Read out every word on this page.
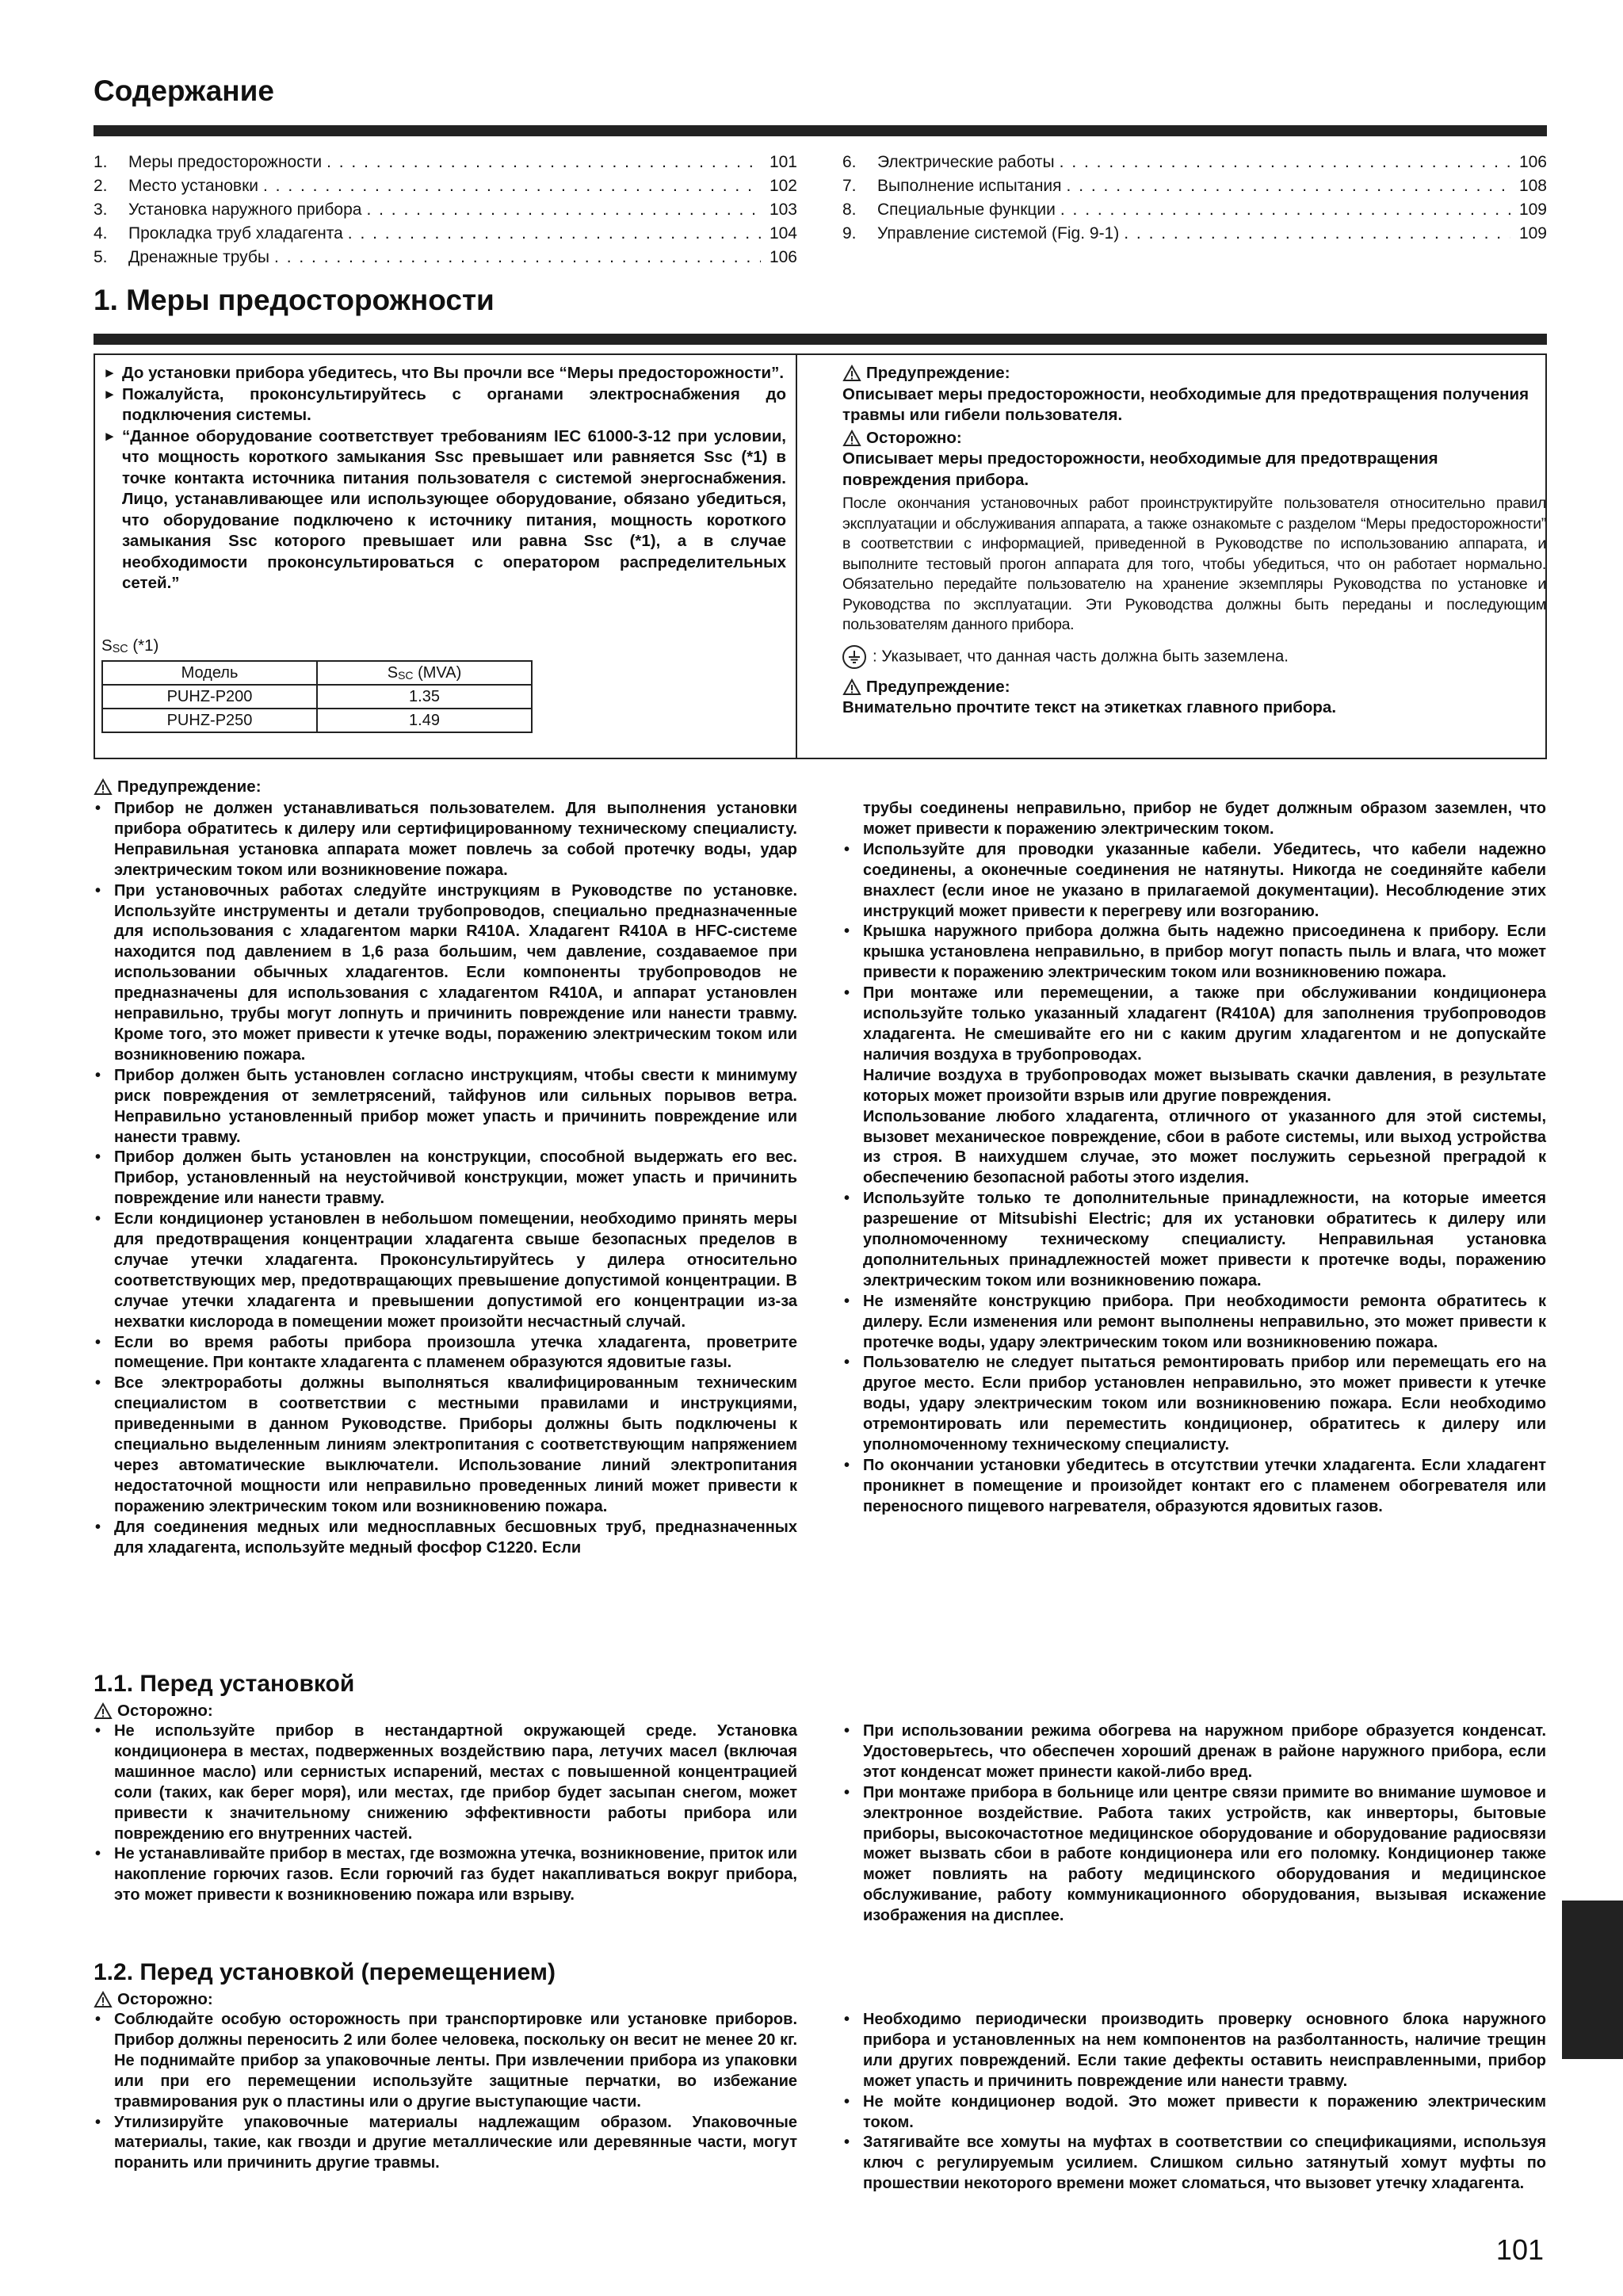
Содержание
1.	Меры предосторожности . . .	101
2.	Место установки . . .	102
3.	Установка наружного прибора . . .	103
4.	Прокладка труб хладагента . . .	104
5.	Дренажные трубы . . .	106
6.	Электрические работы . . .	106
7.	Выполнение испытания . . .	108
8.	Специальные функции . . .	109
9.	Управление системой (Fig. 9-1) . . .	109
1. Меры предосторожности
► До установки прибора убедитесь, что Вы прочли все “Меры предосторожности”.
► Пожалуйста, проконсультируйтесь с органами электроснабжения до подключения системы.
► “Данное оборудование соответствует требованиям IEC 61000-3-12 при условии, что мощность короткого замыкания Ssc превышает или равняется Ssc (*1) в точке контакта источника питания пользователя с системой энергоснабжения. Лицо, устанавливающее или использующее оборудование, обязано убедиться, что оборудование подключено к источнику питания, мощность короткого замыкания Ssc которого превышает или равна Ssc (*1), а в случае необходимости проконсультироваться с оператором распределительных сетей.”
$S_{SC}$ (*1)
Модель	$S_{SC}$ (MVA)
PUHZ-P200	1.35
PUHZ-P250	1.49
Предупреждение:
Описывает меры предосторожности, необходимые для предотвращения получения травмы или гибели пользователя.
Осторожно:
Описывает меры предосторожности, необходимые для предотвращения повреждения прибора.
После окончания установочных работ проинструктируйте пользователя относительно правил эксплуатации и обслуживания аппарата, а также ознакомьте с разделом “Меры предосторожности” в соответствии с информацией, приведенной в Руководстве по использованию аппарата, и выполните тестовый прогон аппарата для того, чтобы убедиться, что он работает нормально. Обязательно передайте пользователю на хранение экземпляры Руководства по установке и Руководства по эксплуатации. Эти Руководства должны быть переданы и последующим пользователям данного прибора.
: Указывает, что данная часть должна быть заземлена.
Предупреждение:
Внимательно прочтите текст на этикетках главного прибора.
Предупреждение:
• Прибор не должен устанавливаться пользователем. Для выполнения установки прибора обратитесь к дилеру или сертифицированному техническому специалисту. Неправильная установка аппарата может повлечь за собой протечку воды, удар электрическим током или возникновение пожара.
• При установочных работах следуйте инструкциям в Руководстве по установке. Используйте инструменты и детали трубопроводов, специально предназначенные для использования с хладагентом марки R410A. Хладагент R410A в HFC-системе находится под давлением в 1,6 раза большим, чем давление, создаваемое при использовании обычных хладагентов. Если компоненты трубопроводов не предназначены для использования с хладагентом R410A, и аппарат установлен неправильно, трубы могут лопнуть и причинить повреждение или нанести травму. Кроме того, это может привести к утечке воды, поражению электрическим током или возникновению пожара.
• Прибор должен быть установлен согласно инструкциям, чтобы свести к минимуму риск повреждения от землетрясений, тайфунов или сильных порывов ветра. Неправильно установленный прибор может упасть и причинить повреждение или нанести травму.
• Прибор должен быть установлен на конструкции, способной выдержать его вес. Прибор, установленный на неустойчивой конструкции, может упасть и причинить повреждение или нанести травму.
• Если кондиционер установлен в небольшом помещении, необходимо принять меры для предотвращения концентрации хладагента свыше безопасных пределов в случае утечки хладагента. Проконсультируйтесь у дилера относительно соответствующих мер, предотвращающих превышение допустимой концентрации. В случае утечки хладагента и превышении допустимой его концентрации из-за нехватки кислорода в помещении может произойти несчастный случай.
• Если во время работы прибора произошла утечка хладагента, проветрите помещение. При контакте хладагента с пламенем образуются ядовитые газы.
• Все электроработы должны выполняться квалифицированным техническим специалистом в соответствии с местными правилами и инструкциями, приведенными в данном Руководстве. Приборы должны быть подключены к специально выделенным линиям электропитания с соответствующим напряжением через автоматические выключатели. Использование линий электропитания недостаточной мощности или неправильно проведенных линий может привести к поражению электрическим током или возникновению пожара.
• Для соединения медных или медносплавных бесшовных труб, предназначенных для хладагента, используйте медный фосфор C1220. Если
трубы соединены неправильно, прибор не будет должным образом заземлен, что может привести к поражению электрическим током.
• Используйте для проводки указанные кабели. Убедитесь, что кабели надежно соединены, а оконечные соединения не натянуты. Никогда не соединяйте кабели внахлест (если иное не указано в прилагаемой документации). Несоблюдение этих инструкций может привести к перегреву или возгоранию.
• Крышка наружного прибора должна быть надежно присоединена к прибору. Если крышка установлена неправильно, в прибор могут попасть пыль и влага, что может привести к поражению электрическим током или возникновению пожара.
• При монтаже или перемещении, а также при обслуживании кондиционера используйте только указанный хладагент (R410A) для заполнения трубопроводов хладагента. Не смешивайте его ни с каким другим хладагентом и не допускайте наличия воздуха в трубопроводах.
Наличие воздуха в трубопроводах может вызывать скачки давления, в результате которых может произойти взрыв или другие повреждения.
Использование любого хладагента, отличного от указанного для этой системы, вызовет механическое повреждение, сбои в работе системы, или выход устройства из строя. В наихудшем случае, это может послужить серьезной преградой к обеспечению безопасной работы этого изделия.
• Используйте только те дополнительные принадлежности, на которые имеется разрешение от Mitsubishi Electric; для их установки обратитесь к дилеру или уполномоченному техническому специалисту. Неправильная установка дополнительных принадлежностей может привести к протечке воды, поражению электрическим током или возникновению пожара.
• Не изменяйте конструкцию прибора. При необходимости ремонта обратитесь к дилеру. Если изменения или ремонт выполнены неправильно, это может привести к протечке воды, удару электрическим током или возникновению пожара.
• Пользователю не следует пытаться ремонтировать прибор или перемещать его на другое место. Если прибор установлен неправильно, это может привести к утечке воды, удару электрическим током или возникновению пожара. Если необходимо отремонтировать или переместить кондиционер, обратитесь к дилеру или уполномоченному техническому специалисту.
• По окончании установки убедитесь в отсутствии утечки хладагента. Если хладагент проникнет в помещение и произойдет контакт его с пламенем обогревателя или переносного пищевого нагревателя, образуются ядовитых газов.
1.1. Перед установкой
Осторожно:
• Не используйте прибор в нестандартной окружающей среде. Установка кондиционера в местах, подверженных воздействию пара, летучих масел (включая машинное масло) или сернистых испарений, местах с повышенной концентрацией соли (таких, как берег моря), или местах, где прибор будет засыпан снегом, может привести к значительному снижению эффективности работы прибора или повреждению его внутренних частей.
• Не устанавливайте прибор в местах, где возможна утечка, возникновение, приток или накопление горючих газов. Если горючий газ будет накапливаться вокруг прибора, это может привести к возникновению пожара или взрыву.
• При использовании режима обогрева на наружном приборе образуется конденсат. Удостоверьтесь, что обеспечен хороший дренаж в районе наружного прибора, если этот конденсат может принести какой-либо вред.
• При монтаже прибора в больнице или центре связи примите во внимание шумовое и электронное воздействие. Работа таких устройств, как инверторы, бытовые приборы, высокочастотное медицинское оборудование и оборудование радиосвязи может вызвать сбои в работе кондиционера или его поломку. Кондиционер также может повлиять на работу медицинского оборудования и медицинское обслуживание, работу коммуникационного оборудования, вызывая искажение изображения на дисплее.
1.2. Перед установкой (перемещением)
Осторожно:
• Соблюдайте особую осторожность при транспортировке или установке приборов. Прибор должны переносить 2 или более человека, поскольку он весит не менее 20 кг. Не поднимайте прибор за упаковочные ленты. При извлечении прибора из упаковки или при его перемещении используйте защитные перчатки, во избежание травмирования рук о пластины или о другие выступающие части.
• Утилизируйте упаковочные материалы надлежащим образом. Упаковочные материалы, такие, как гвозди и другие металлические или деревянные части, могут поранить или причинить другие травмы.
• Необходимо периодически производить проверку основного блока наружного прибора и установленных на нем компонентов на разболтанность, наличие трещин или других повреждений. Если такие дефекты оставить неисправленными, прибор может упасть и причинить повреждение или нанести травму.
• Не мойте кондиционер водой. Это может привести к поражению электрическим током.
• Затягивайте все хомуты на муфтах в соответствии со спецификациями, используя ключ с регулируемым усилием. Слишком сильно затянутый хомут муфты по прошествии некоторого времени может сломаться, что вызовет утечку хладагента.
101
